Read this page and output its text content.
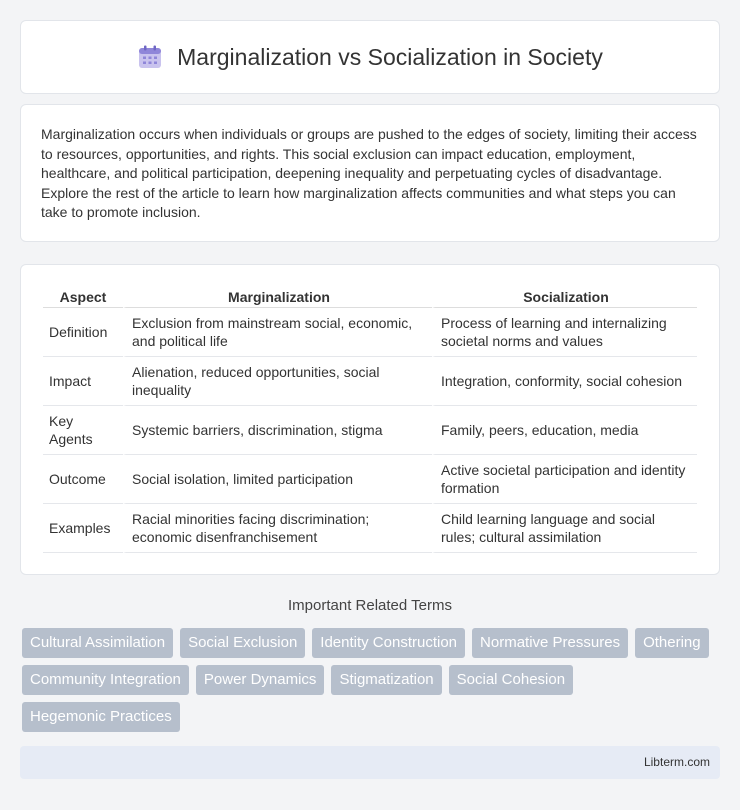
Marginalization vs Socialization in Society

Marginalization occurs when individuals or groups are pushed to the edges of society, limiting their access to resources, opportunities, and rights. This social exclusion can impact education, employment, healthcare, and political participation, deepening inequality and perpetuating cycles of disadvantage. Explore the rest of the article to learn how marginalization affects communities and what steps you can take to promote inclusion.

Aspect	Marginalization	Socialization
Definition	Exclusion from mainstream social, economic, and political life	Process of learning and internalizing societal norms and values
Impact	Alienation, reduced opportunities, social inequality	Integration, conformity, social cohesion
Key Agents	Systemic barriers, discrimination, stigma	Family, peers, education, media
Outcome	Social isolation, limited participation	Active societal participation and identity formation
Examples	Racial minorities facing discrimination; economic disenfranchisement	Child learning language and social rules; cultural assimilation
Important Related Terms
Cultural Assimilation	Social Exclusion	Identity Construction	Normative Pressures	Othering
Community Integration	Power Dynamics	Stigmatization	Social Cohesion
Hegemonic Practices
Libterm.com
